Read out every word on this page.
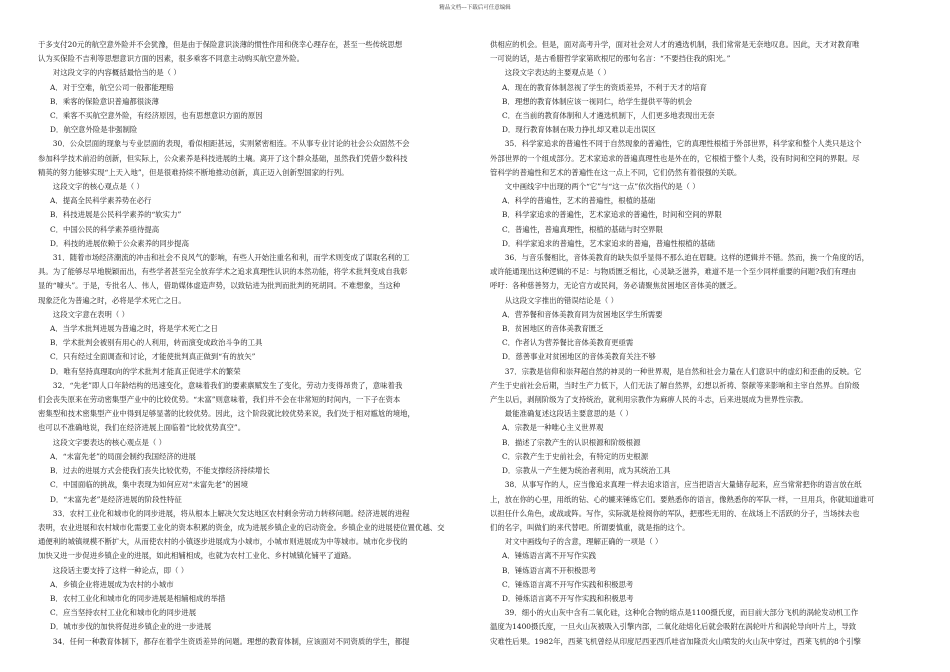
精品文档---下载后可任意编辑

于多支付20元的航空意外险并不会犹豫，但是由于保险意识淡薄的惯性作用和侥幸心理存在，甚至一些传统思想

认为买保险不吉利等思想意识方面的因素，很多乘客不同意主动购买航空意外险。

对这段文字的内容概括最恰当的是（ ）

A．对于空难，航空公司一般都能理赔

B．乘客的保险意识普遍都很淡薄

C．乘客不买航空意外险，有经济原因，也有思想意识方面的原因

D．航空意外险是非强制险

30．公众层面的现象与专业层面的表现，看似相距甚远，实则紧密相连。不从事专业讨论的社会公众固然不会

参加科学技术前沿的创新，但实际上，公众素养是科技进展的土壤。离开了这个群众基础，虽然我们凭借少数科技

精英的努力能够实现“上天入地”，但是很难持续不断地推动创新，真正迈入创新型国家的行列。

这段文字的核心观点是（ ）

A．提高全民科学素养势在必行

B．科技进展是公民科学素养的“软实力”

C．中国公民的科学素养亟待提高

D．科技的进展依赖于公众素养的同步提高

31．随着市场经济潮流的冲击和社会不良风气的影响，有些人开始注重名和利，而学术则变成了谋取名利的工

具。为了能够尽早地脱颖而出，有些学者甚至完全放弃学术之追求真理性认识的本然功能，将学术批判变成自我彰

显的“噱头”。于是，专批名人、伟人，借助媒体虚造声势，以致钻进为批判而批判的死胡同。不难想象，当这种

现象泛化为普遍之时，必将是学术死亡之日。

这段文字意在表明（ ）

A．当学术批判进展为普遍之时，将是学术死亡之日

B．学术批判会被别有用心的人利用，转而演变成政治斗争的工具

C．只有经过全面调查和讨论，才能使批判真正做到“有的放矢”

D．唯有坚持真理取向的学术批判才能真正促进学术的繁荣

32．“先老”即人口年龄结构的迅速变化，意味着我们的要素禀赋发生了变化，劳动力变得昂贵了，意味着我

们会丧失原来在劳动密集型产业中的比较优势。“未富”则意味着，我们并不会在非常短的时间内，一下子在资本

密集型和技术密集型产业中得到足够显著的比较优势。因此，这个阶段就比较优势来说，我们处于相对尴尬的境地，

也可以不准确地说，我们在经济进展上面临着“比较优势真空”。

这段文字要表达的核心观点是（ ）

A．“未富先老”的局面会制约我国经济的进展

B．过去的进展方式会使我们丧失比较优势，不能支撑经济持续增长

C．中国面临的挑战，集中表现为如何应对“未富先老”的困境

D．“未富先老”是经济进展的阶段性特征

33．农村工业化和城市化的同步进展，将从根本上解决欠发达地区农村剩余劳动力转移问题。经济进展的进程

表明，农业进展和农村城市化需要工业化的资本积累的资金，成为进展乡镇企业的启动资金。乡镇企业的进展使位置优越、交

通便利的城镇规模不断扩大，从而使农村的小镇逐步进展成为小城市，小城市则进展成为中等城市。城市化步伐的

加快又进一步促进乡镇企业的进展，如此相辅相成，也就为农村工业化、乡村城镇化铺平了道路。

这段话主要支持了这样一种论点，即（ ）

A．乡镇企业将进展成为农村的小城市

B．农村工业化和城市化的同步进展是相辅相成的举措

C．应当坚持农村工业化和城市化的同步进展

D．城市步伐的加快将促进乡镇企业的进一步进展

34．任何一种教育体制下，都存在着学生资质差异的问题。理想的教育体制，应该面对不同资质的学生，都提

供相应的机会。但是，面对高考升学，面对社会对人才的遴选机制，我们常常是无奈地叹息。因此，天才对教育唯

一可说的话，是古希腊哲学家第欧根尼的那句名言：“不要挡住我的阳光。”

这段文字表达的主要观点是（ ）

A．现在的教育体制忽视了学生的资质差异，不利于天才的培育

B．理想的教育体制应该一视同仁，给学生提供平等的机会

C．在当前的教育体制和人才遴选机制下，人们更多地表现出无奈

D．现行教育体制在吸力挣扎却又难以走出误区

35．科学家追求的普遍性不同于自然现象的普遍性，它的真理性根植于外部世界，科学家和整个人类只是这个

外部世界的一个组成部分。艺术家追求的普遍真理性也是外在的，它根植于整个人类，没有时间和空间的界限。尽

管科学的普遍性和艺术的普遍性在这一点上不同，它们仍然有着很强的关联。

文中画线字中出现的两个“它”与“这一点”依次指代的是（ ）

A．科学的普遍性，艺术的普遍性，根植的基础

B．科学家追求的普遍性，艺术家追求的普遍性，时间和空间的界限

C．普遍性，普遍真理性，根植的基础与时空界限

D．科学家追求的普遍性，艺术家追求的普遍，普遍性根植的基础

36．与音乐餐相比，音体美教育的缺失似乎显得不那么迫在眉睫。这样的逻辑并不错。然而，换一个角度的话，

或许能通现出这种逻辑的不足：与物质匮乏相比，心灵缺乏滋养，难道不是一个至少同样重要的问题?我们有理由

呼吁：各种慈善努力，无论官方或民间，务必请聚焦贫困地区音体美的匮乏。

从这段文字推出的错误结论是（ ）

A．营养餐和音体美教育同为贫困地区学生所需要

B．贫困地区的音体美教育匮乏

C．作者认为营养餐比音体美教育更亟需

D．慈善事业对贫困地区的音体美教育关注不够

37．宗教是信仰和崇拜超自然的神灵的一种世界观，是自然和社会力量在人们意识中的虚幻和歪曲的反映。它

产生于史前社会后期，当时生产力低下，人们无法了解自然界，幻想以祈祷、祭献等来影响和主宰自然界。自阶级

产生以后，剥削阶级为了支持统治，就利用宗教作为麻痹人民的斗志，后来进展成为世界性宗教。

最能准确复述这段话主要意思的是（ ）

A．宗教是一种唯心主义世界观

B．描述了宗教产生的认识根源和阶级根源

C．宗教产生于史前社会，有特定的历史根源

D．宗教从一产生便为统治者利用，成为其统治工具

38．从事写作的人，应当像追求真理一样去追求语言，应当把语言大量储存起来，应当常常把你的语言放在纸

上，放在你的心里，用纸的钻、心的辘来锤炼它们。要熟悉你的语言，像熟悉你的军队一样，一旦用兵，你就知道谁可

以担任什么角色，或战或阵。写作，实际就是检阅你的军队，把那些无用的、在战场上不活跃的分子，当场抹去也

们的名字，叫做们的来代替吧。所谓要慎重，就是指的这个。

对文中画线句子的含意，理解正确的一项是（ ）

A．锤炼语言离不开写作实践

B．锤炼语言离不开积极思考

C．锤炼语言离不开写作实践和积极思考

D．锤炼语言离不开写作实践和积极思考

39．细小的火山灰中含有二氧化硅，这种化合物的熔点是1100摄氏度，而目前大部分飞机的涡轮发动机工作

温度为1400摄氏度，一旦火山灰被吸入引擎内部，二氧化硅熔化后就会吸附在涡轮叶片和涡轮导向叶片上，导致

灾难性后果。1982年，西莱飞机曾经从印度尼西亚西爪哇省加隆贡火山喷发的火山灰中穿过，西莱飞机的8个引擎
